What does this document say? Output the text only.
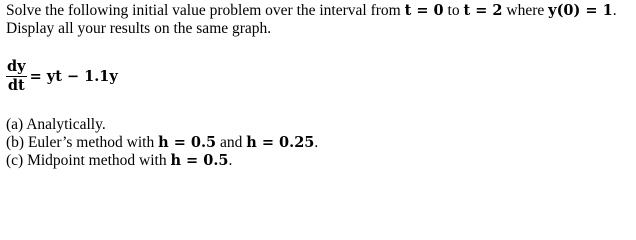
Solve the following initial value problem over the interval from t = 0 to t = 2 where y(0) = 1.
Display all your results on the same graph.
$\frac{dy}{dt}$ = yt − 1.1y
(a) Analytically.
(b) Euler’s method with h = 0.5 and h = 0.25.
(c) Midpoint method with h = 0.5.
